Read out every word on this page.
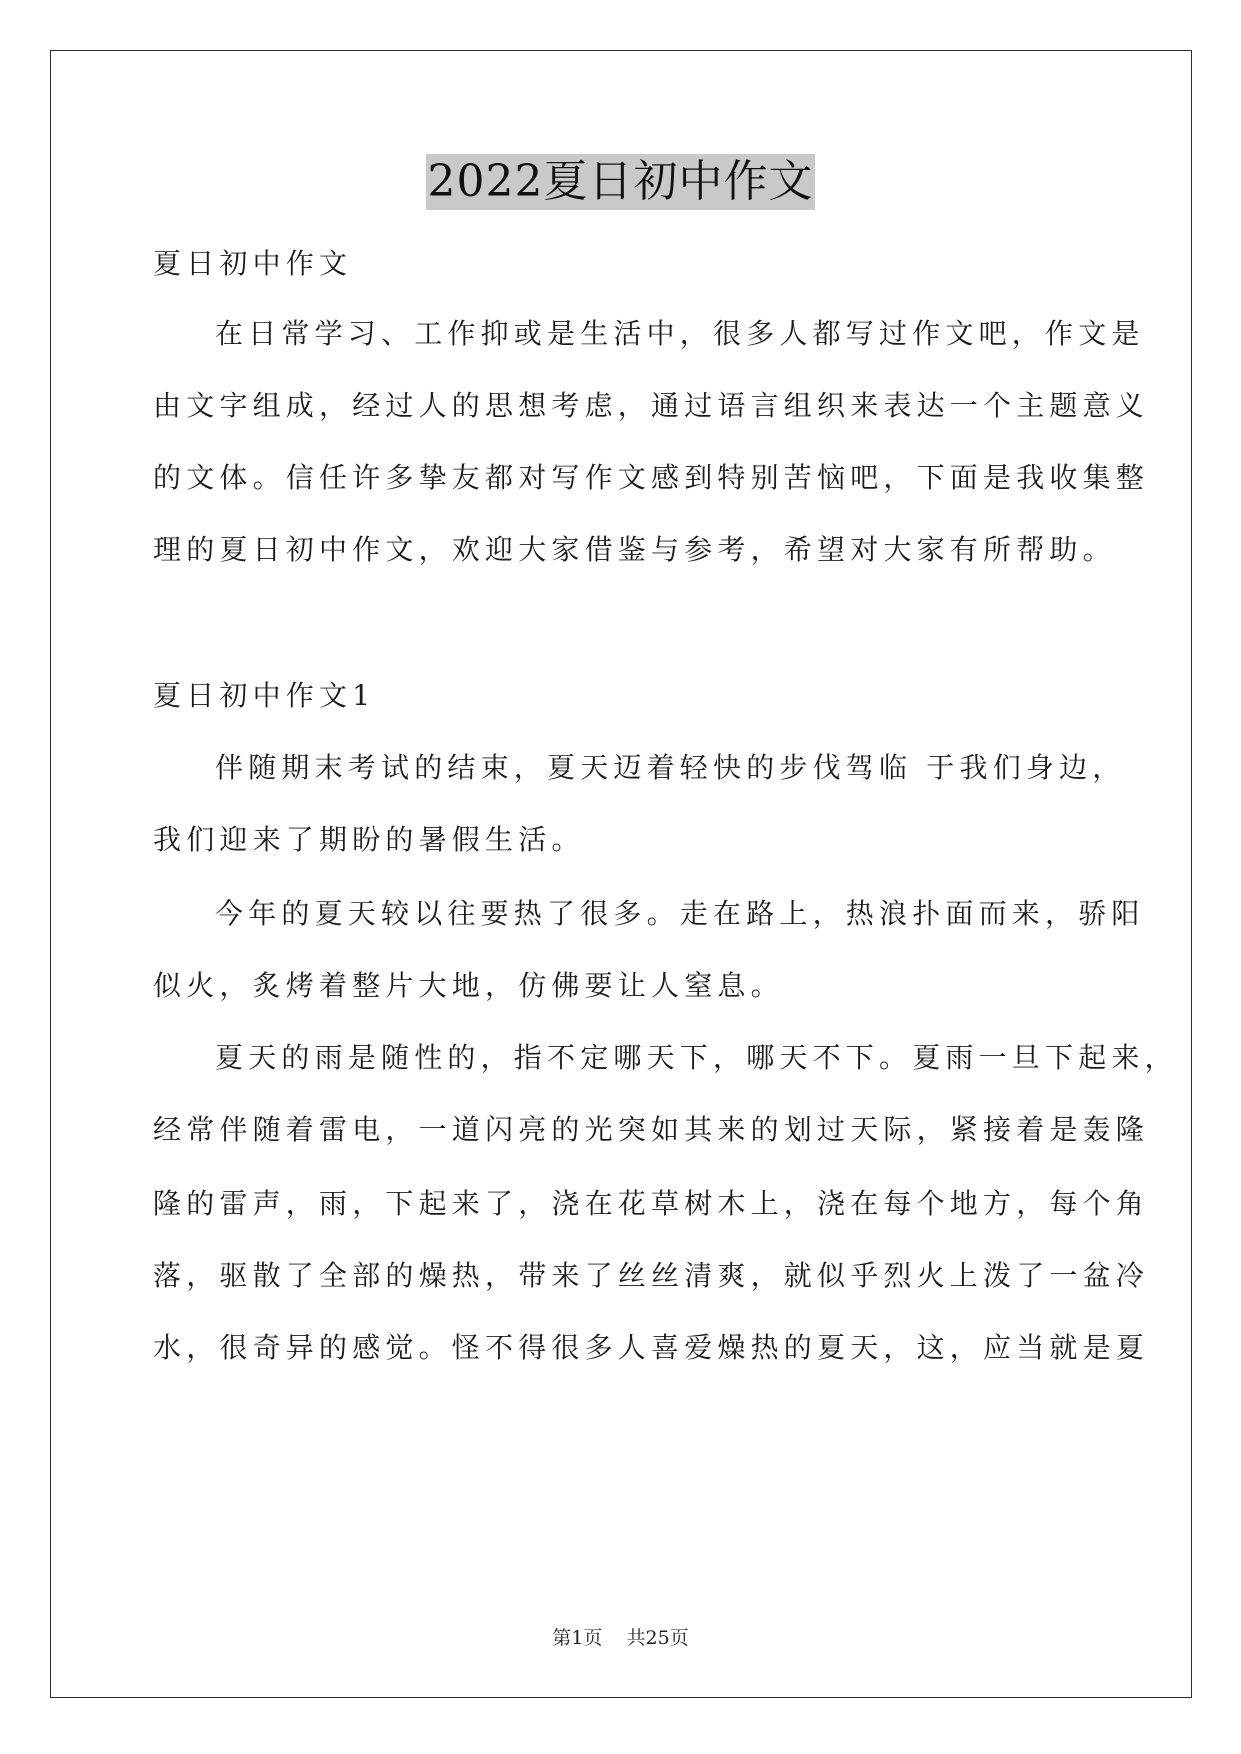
2022夏日初中作文
夏日初中作文
在日常学习、工作抑或是生活中，很多人都写过作文吧，作文是
由文字组成，经过人的思想考虑，通过语言组织来表达一个主题意义
的文体。信任许多挚友都对写作文感到特别苦恼吧，下面是我收集整
理的夏日初中作文，欢迎大家借鉴与参考，希望对大家有所帮助。
夏日初中作文1
伴随期末考试的结束，夏天迈着轻快的步伐驾临 于我们身边，
我们迎来了期盼的暑假生活。
今年的夏天较以往要热了很多。走在路上，热浪扑面而来，骄阳
似火，炙烤着整片大地，仿佛要让人窒息。
夏天的雨是随性的，指不定哪天下，哪天不下。夏雨一旦下起来，
经常伴随着雷电，一道闪亮的光突如其来的划过天际，紧接着是轰隆
隆的雷声，雨，下起来了，浇在花草树木上，浇在每个地方，每个角
落，驱散了全部的燥热，带来了丝丝清爽，就似乎烈火上泼了一盆冷
水，很奇异的感觉。怪不得很多人喜爱燥热的夏天，这，应当就是夏
第1页    共25页
